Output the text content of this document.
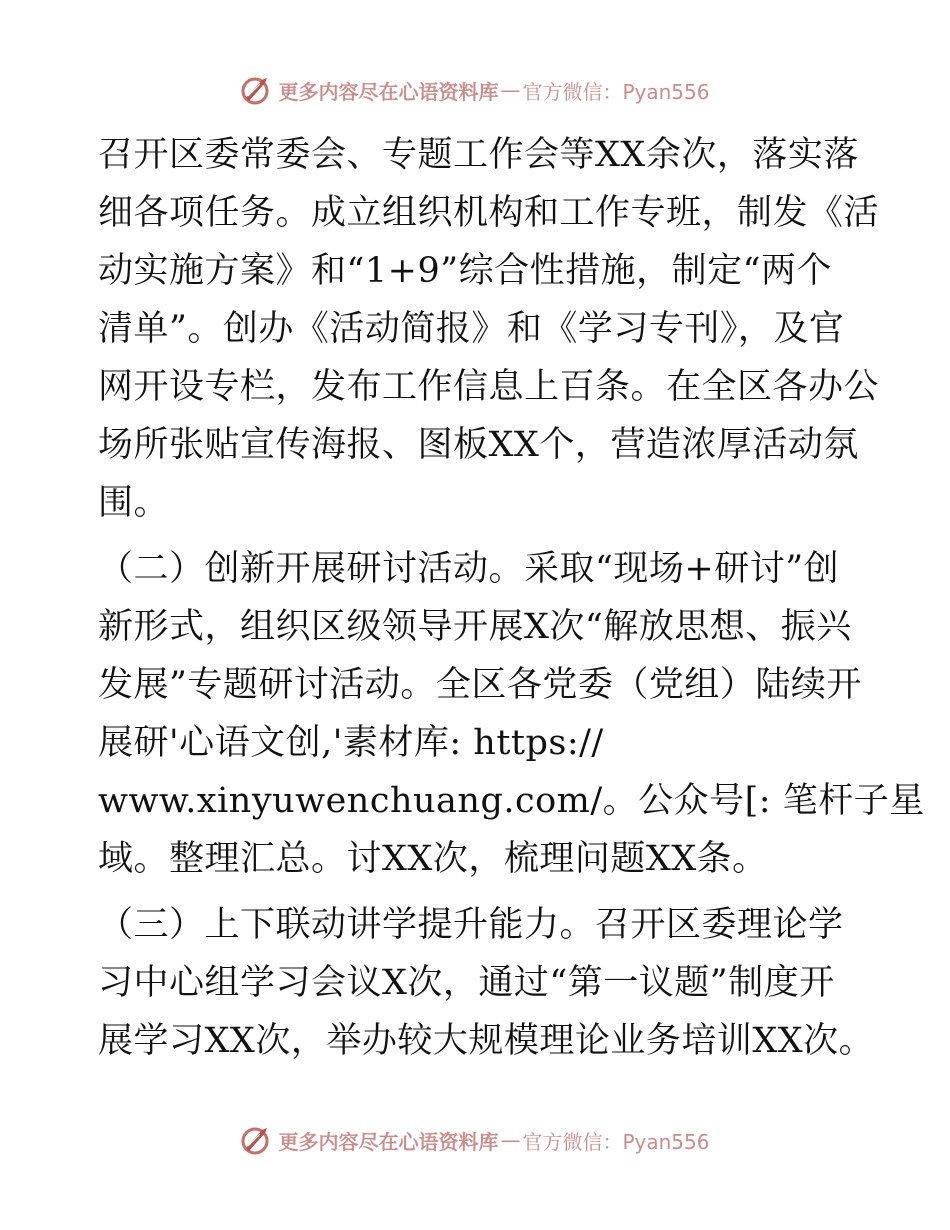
更多内容尽在心语资料库 — 官方微信：Pyan556
召开区委常委会、专题工作会等XX余次，落实落
细各项任务。成立组织机构和工作专班，制发《活
动实施方案》和“1+9”综合性措施，制定“两个
清单”。创办《活动简报》和《学习专刊》，及官
网开设专栏，发布工作信息上百条。在全区各办公
场所张贴宣传海报、图板XX个，营造浓厚活动氛
围。
（二）创新开展研讨活动。采取“现场+研讨”创
新形式，组织区级领导开展X次“解放思想、振兴
发展”专题研讨活动。全区各党委（党组）陆续开
展研'心语文创,'素材库: https://
www.xinyuwenchuang.com/。公众号[: 笔杆子星
域。整理汇总。讨XX次，梳理问题XX条。
（三）上下联动讲学提升能力。召开区委理论学
习中心组学习会议X次，通过“第一议题”制度开
展学习XX次，举办较大规模理论业务培训XX次。
更多内容尽在心语资料库 — 官方微信：Pyan556
